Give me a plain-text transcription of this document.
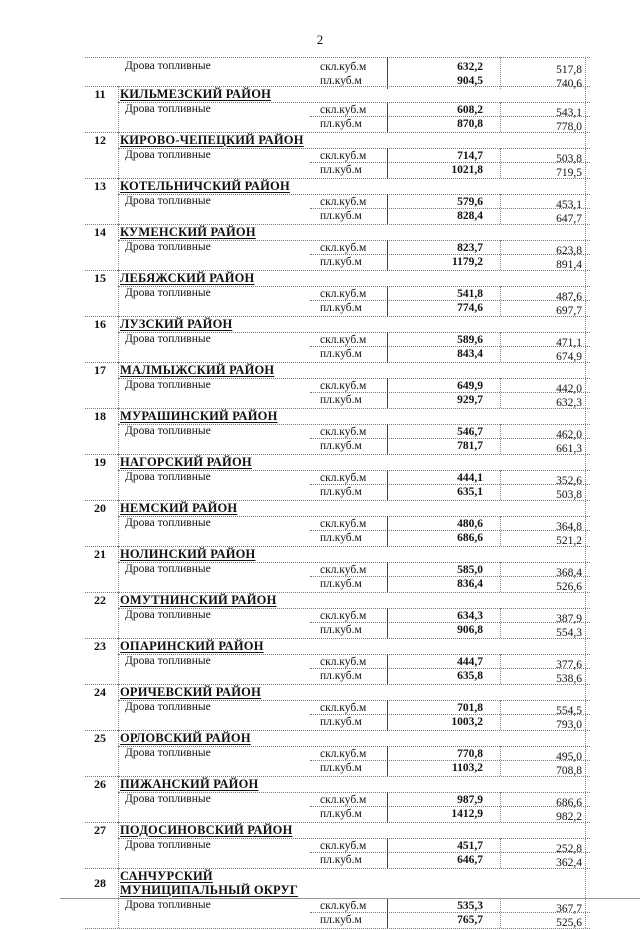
2
Дрова топливные	скл.куб.м	632,2	517,8
пл.куб.м	904,5	740,6
11	КИЛЬМЕЗСКИЙ РАЙОН
Дрова топливные	скл.куб.м	608,2	543,1
пл.куб.м	870,8	778,0
12	КИРОВО-ЧЕПЕЦКИЙ РАЙОН
Дрова топливные	скл.куб.м	714,7	503,8
пл.куб.м	1021,8	719,5
13	КОТЕЛЬНИЧСКИЙ РАЙОН
Дрова топливные	скл.куб.м	579,6	453,1
пл.куб.м	828,4	647,7
14	КУМЕНСКИЙ РАЙОН
Дрова топливные	скл.куб.м	823,7	623,8
пл.куб.м	1179,2	891,4
15	ЛЕБЯЖСКИЙ РАЙОН
Дрова топливные	скл.куб.м	541,8	487,6
пл.куб.м	774,6	697,7
16	ЛУЗСКИЙ РАЙОН
Дрова топливные	скл.куб.м	589,6	471,1
пл.куб.м	843,4	674,9
17	МАЛМЫЖСКИЙ РАЙОН
Дрова топливные	скл.куб.м	649,9	442,0
пл.куб.м	929,7	632,3
18	МУРАШИНСКИЙ РАЙОН
Дрова топливные	скл.куб.м	546,7	462,0
пл.куб.м	781,7	661,3
19	НАГОРСКИЙ РАЙОН
Дрова топливные	скл.куб.м	444,1	352,6
пл.куб.м	635,1	503,8
20	НЕМСКИЙ РАЙОН
Дрова топливные	скл.куб.м	480,6	364,8
пл.куб.м	686,6	521,2
21	НОЛИНСКИЙ РАЙОН
Дрова топливные	скл.куб.м	585,0	368,4
пл.куб.м	836,4	526,6
22	ОМУТНИНСКИЙ РАЙОН
Дрова топливные	скл.куб.м	634,3	387,9
пл.куб.м	906,8	554,3
23	ОПАРИНСКИЙ РАЙОН
Дрова топливные	скл.куб.м	444,7	377,6
пл.куб.м	635,8	538,6
24	ОРИЧЕВСКИЙ РАЙОН
Дрова топливные	скл.куб.м	701,8	554,5
пл.куб.м	1003,2	793,0
25	ОРЛОВСКИЙ РАЙОН
Дрова топливные	скл.куб.м	770,8	495,0
пл.куб.м	1103,2	708,8
26	ПИЖАНСКИЙ РАЙОН
Дрова топливные	скл.куб.м	987,9	686,6
пл.куб.м	1412,9	982,2
27	ПОДОСИНОВСКИЙ РАЙОН
Дрова топливные	скл.куб.м	451,7	252,8
пл.куб.м	646,7	362,4
28	САНЧУРСКИЙ
МУНИЦИПАЛЬНЫЙ ОКРУГ
Дрова топливные	скл.куб.м	535,3	367,7
пл.куб.м	765,7	525,6
